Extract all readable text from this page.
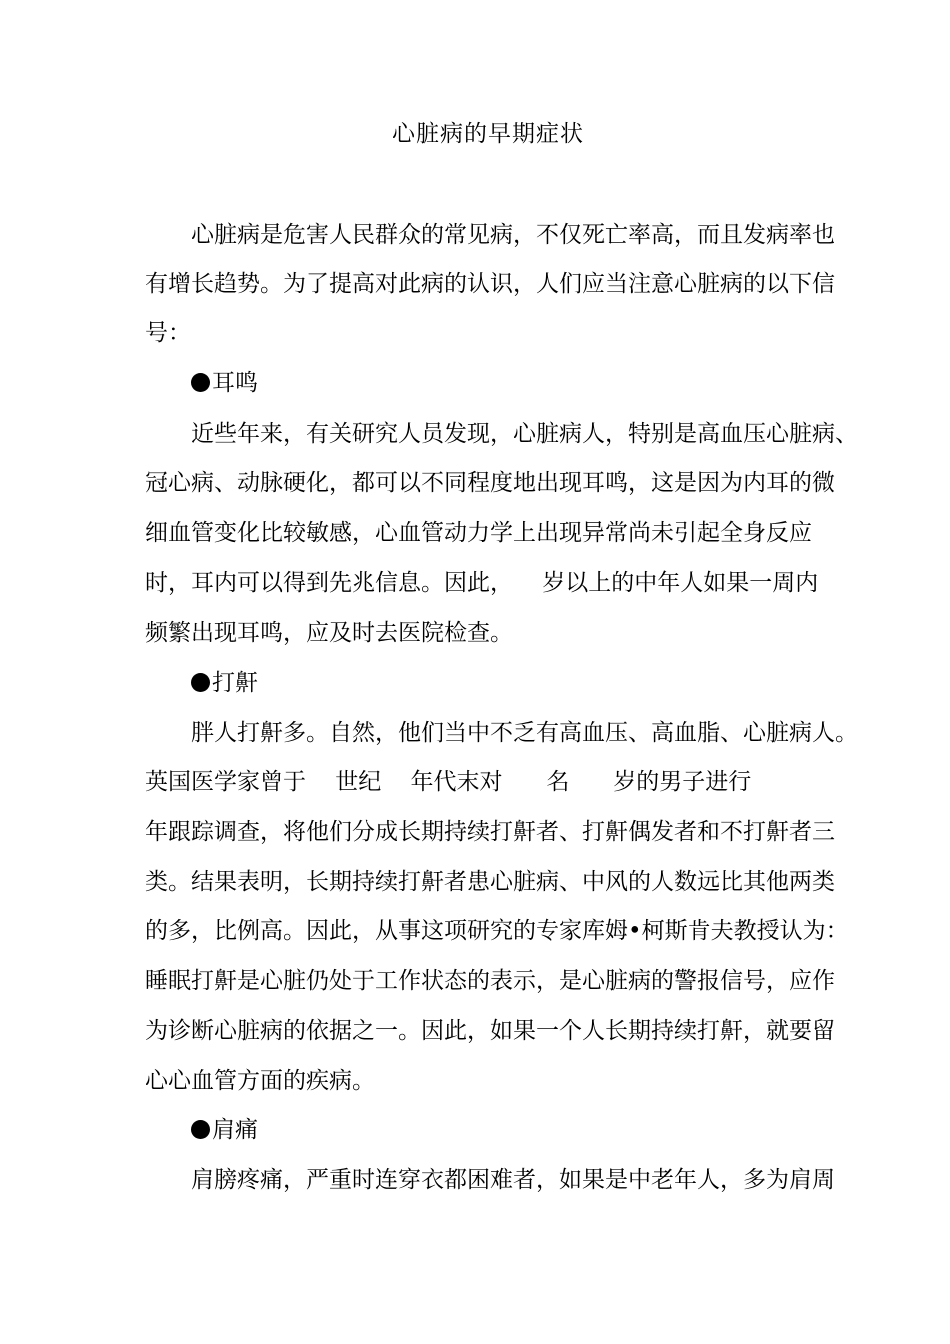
心脏病的早期症状

心脏病是危害人民群众的常见病，不仅死亡率高，而且发病率也

有增长趋势。为了提高对此病的认识，人们应当注意心脏病的以下信

号：

耳鸣

近些年来，有关研究人员发现，心脏病人，特别是高血压心脏病、

冠心病、动脉硬化，都可以不同程度地出现耳鸣，这是因为内耳的微

细血管变化比较敏感，心血管动力学上出现异常尚未引起全身反应

时，耳内可以得到先兆信息。因此，    岁以上的中年人如果一周内

频繁出现耳鸣，应及时去医院检查。

打鼾

胖人打鼾多。自然，他们当中不乏有高血压、高血脂、心脏病人。

英国医学家曾于    世纪    年代末对      名      岁的男子进行

年跟踪调查，将他们分成长期持续打鼾者、打鼾偶发者和不打鼾者三

类。结果表明，长期持续打鼾者患心脏病、中风的人数远比其他两类

的多，比例高。因此，从事这项研究的专家库姆•柯斯肯夫教授认为：

睡眠打鼾是心脏仍处于工作状态的表示，是心脏病的警报信号，应作

为诊断心脏病的依据之一。因此，如果一个人长期持续打鼾，就要留

心心血管方面的疾病。

肩痛

肩膀疼痛，严重时连穿衣都困难者，如果是中老年人，多为肩周
